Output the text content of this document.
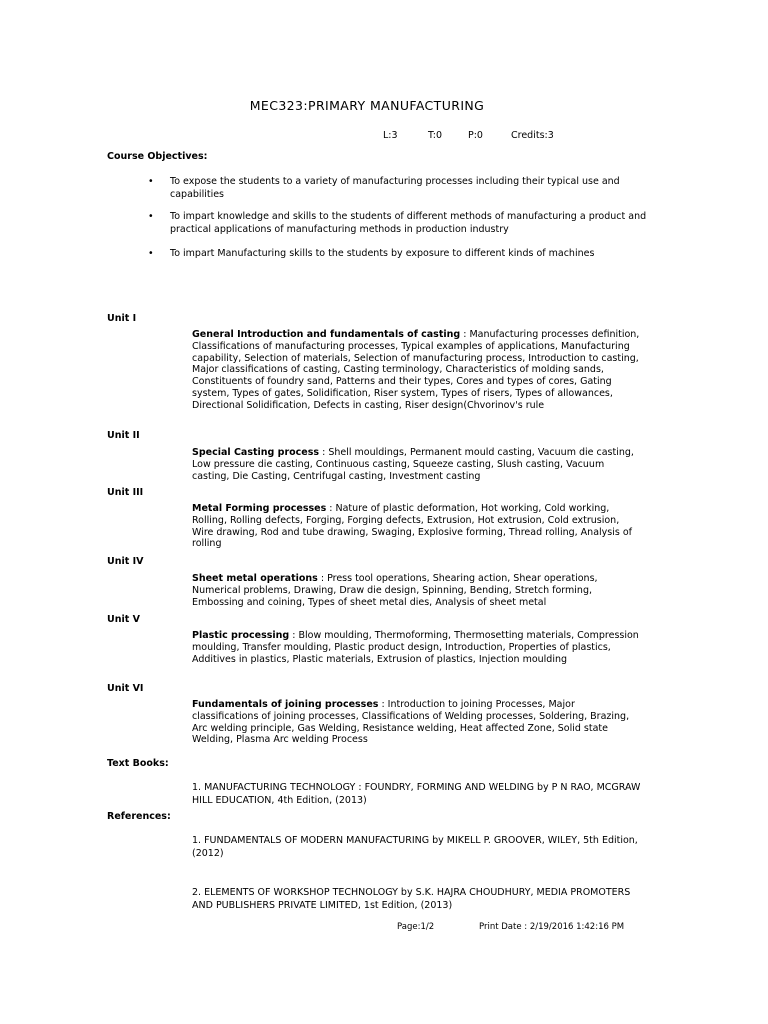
MEC323:PRIMARY MANUFACTURING
L:3	T:0	P:0	Credits:3
Course Objectives:
• To expose the students to a variety of manufacturing processes including their typical use and capabilities
• To impart knowledge and skills to the students of different methods of manufacturing a product and practical applications of manufacturing methods in production industry
• To impart Manufacturing skills to the students by exposure to different kinds of machines
Unit I
General Introduction and fundamentals of casting : Manufacturing processes definition, Classifications of manufacturing processes, Typical examples of applications, Manufacturing capability, Selection of materials, Selection of manufacturing process, Introduction to casting, Major classifications of casting, Casting terminology, Characteristics of molding sands, Constituents of foundry sand, Patterns and their types, Cores and types of cores, Gating system, Types of gates, Solidification, Riser system, Types of risers, Types of allowances, Directional Solidification, Defects in casting, Riser design(Chvorinov's rule
Unit II
Special Casting process : Shell mouldings, Permanent mould casting, Vacuum die casting, Low pressure die casting, Continuous casting, Squeeze casting, Slush casting, Vacuum casting, Die Casting, Centrifugal casting, Investment casting
Unit III
Metal Forming processes : Nature of plastic deformation, Hot working, Cold working, Rolling, Rolling defects, Forging, Forging defects, Extrusion, Hot extrusion, Cold extrusion, Wire drawing, Rod and tube drawing, Swaging, Explosive forming, Thread rolling, Analysis of rolling
Unit IV
Sheet metal operations : Press tool operations, Shearing action, Shear operations, Numerical problems, Drawing, Draw die design, Spinning, Bending, Stretch forming, Embossing and coining, Types of sheet metal dies, Analysis of sheet metal
Unit V
Plastic processing : Blow moulding, Thermoforming, Thermosetting materials, Compression moulding, Transfer moulding, Plastic product design, Introduction, Properties of plastics, Additives in plastics, Plastic materials, Extrusion of plastics, Injection moulding
Unit VI
Fundamentals of joining processes : Introduction to joining Processes, Major classifications of joining processes, Classifications of Welding processes, Soldering, Brazing, Arc welding principle, Gas Welding, Resistance welding, Heat affected Zone, Solid state Welding, Plasma Arc welding Process
Text Books:
1. MANUFACTURING TECHNOLOGY : FOUNDRY, FORMING AND WELDING by P N RAO, MCGRAW HILL EDUCATION, 4th Edition, (2013)
References:
1. FUNDAMENTALS OF MODERN MANUFACTURING by MIKELL P. GROOVER, WILEY, 5th Edition, (2012)
2. ELEMENTS OF WORKSHOP TECHNOLOGY by S.K. HAJRA CHOUDHURY, MEDIA PROMOTERS AND PUBLISHERS PRIVATE LIMITED, 1st Edition, (2013)
Page:1/2	Print Date : 2/19/2016 1:42:16 PM
